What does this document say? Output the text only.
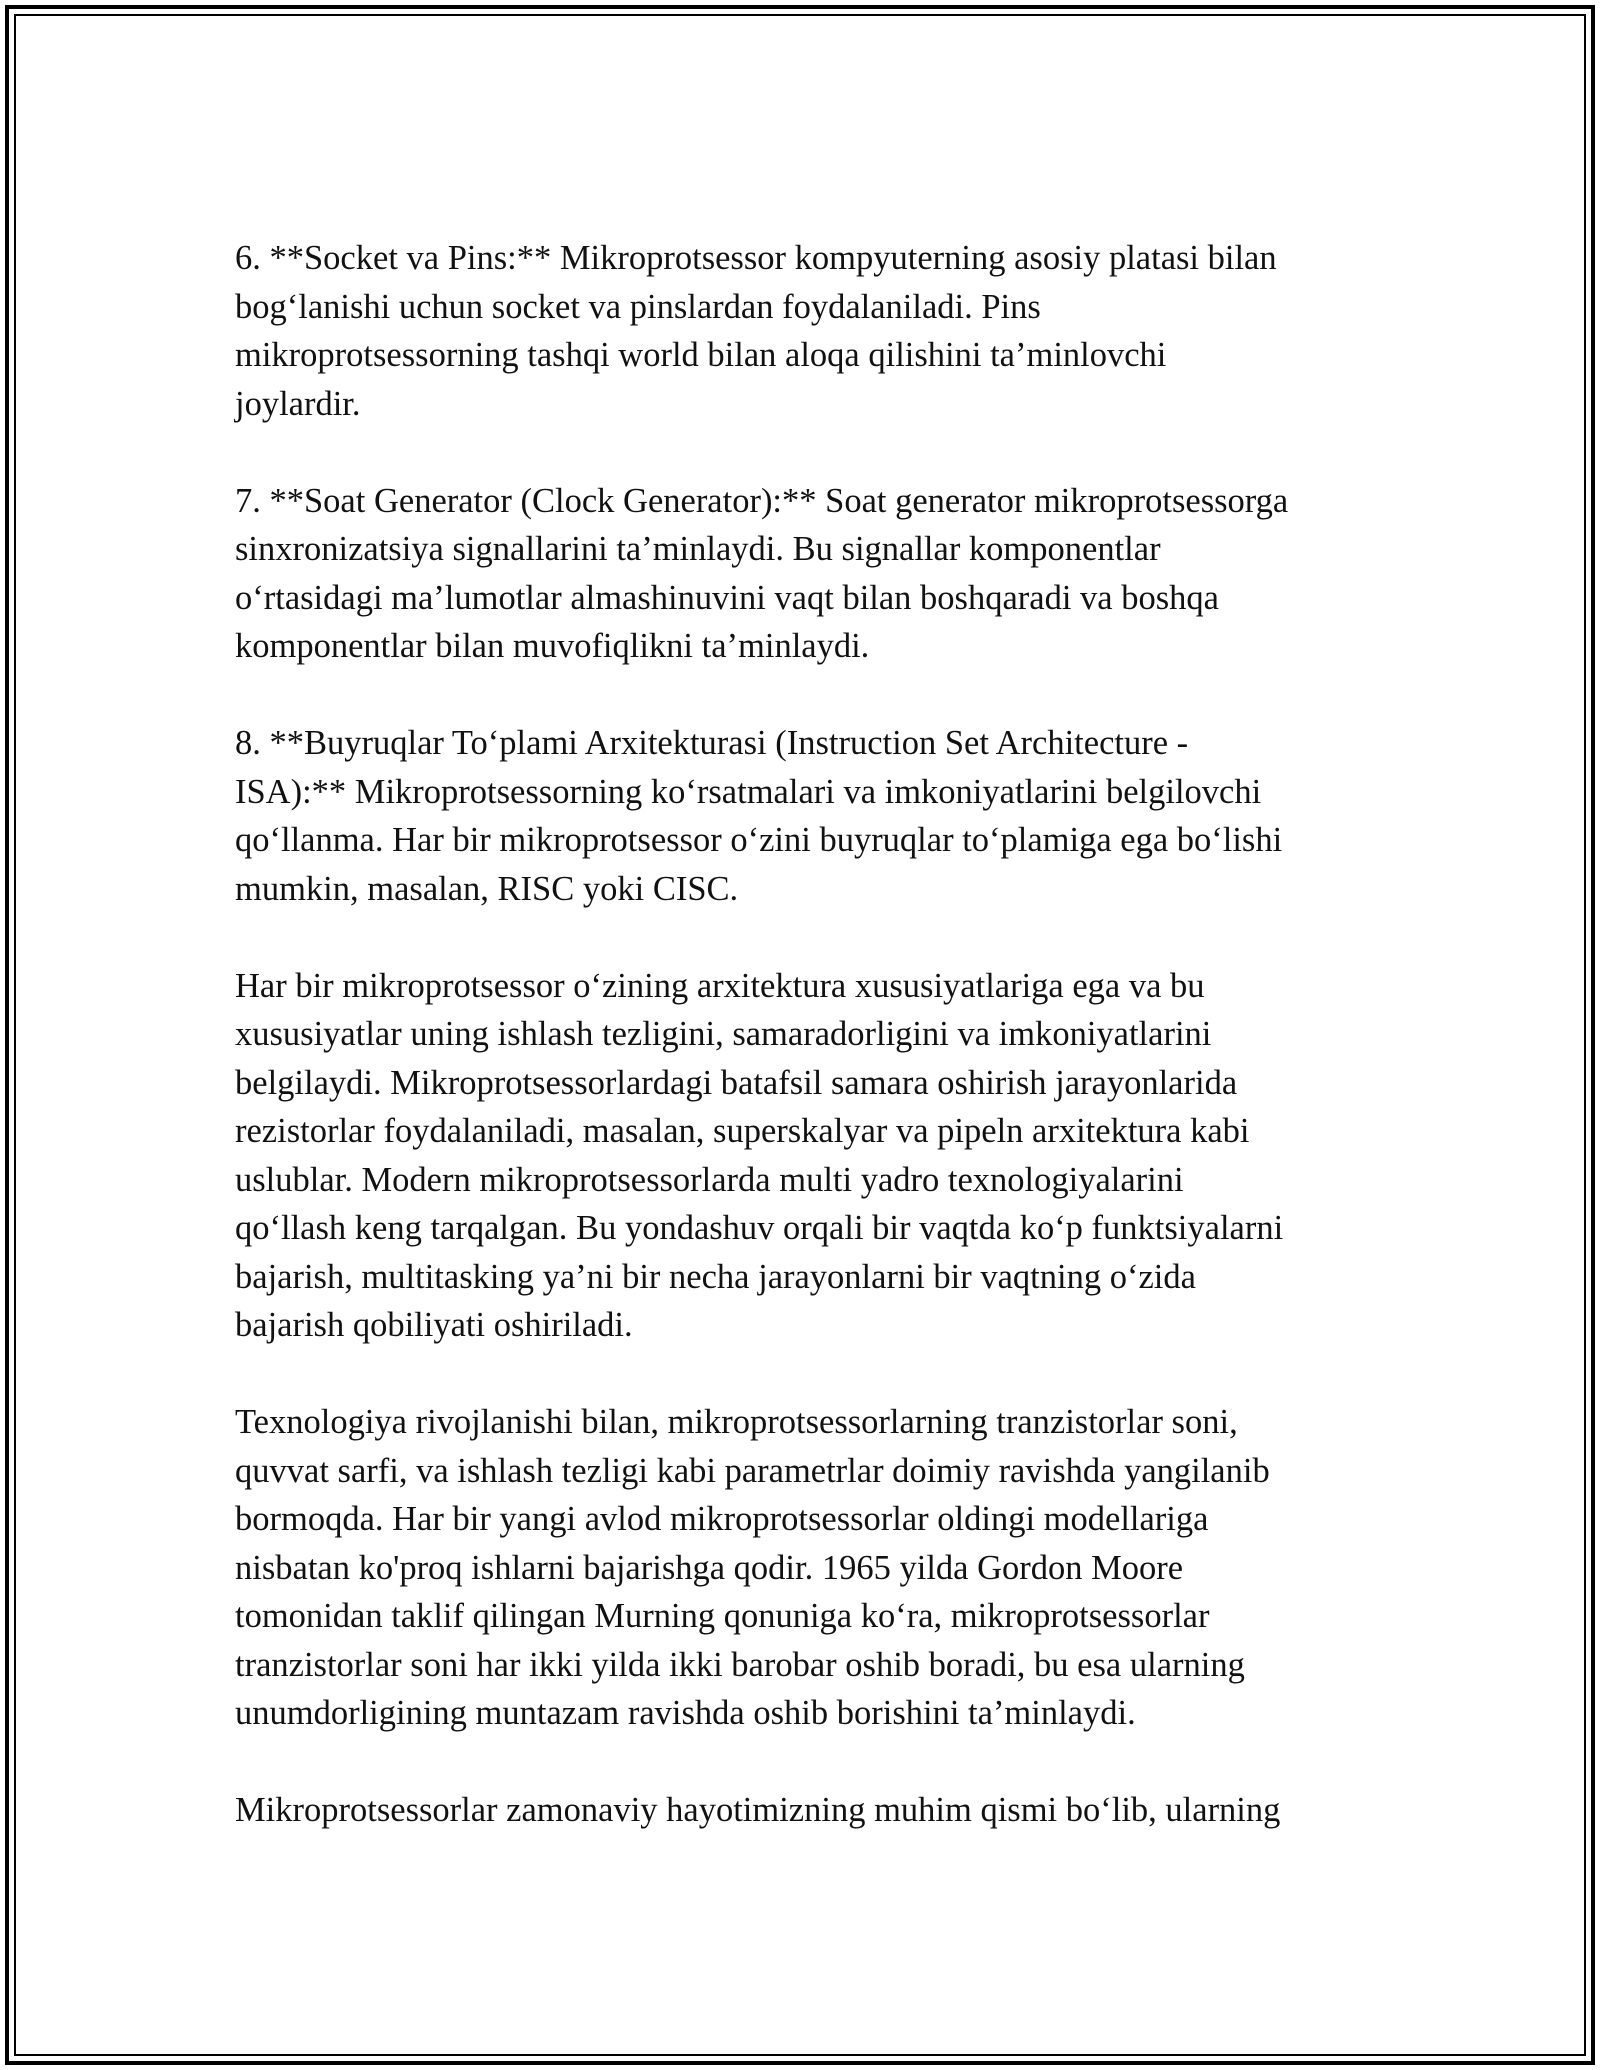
6. **Socket va Pins:** Mikroprotsessor kompyuterning asosiy platasi bilan
bog‘lanishi uchun socket va pinslardan foydalaniladi. Pins
mikroprotsessorning tashqi world bilan aloqa qilishini ta’minlovchi
joylardir.

7. **Soat Generator (Clock Generator):** Soat generator mikroprotsessorga
sinxronizatsiya signallarini ta’minlaydi. Bu signallar komponentlar
o‘rtasidagi ma’lumotlar almashinuvini vaqt bilan boshqaradi va boshqa
komponentlar bilan muvofiqlikni ta’minlaydi.

8. **Buyruqlar To‘plami Arxitekturasi (Instruction Set Architecture -
ISA):** Mikroprotsessorning ko‘rsatmalari va imkoniyatlarini belgilovchi
qo‘llanma. Har bir mikroprotsessor o‘zini buyruqlar to‘plamiga ega bo‘lishi
mumkin, masalan, RISC yoki CISC.

Har bir mikroprotsessor o‘zining arxitektura xususiyatlariga ega va bu
xususiyatlar uning ishlash tezligini, samaradorligini va imkoniyatlarini
belgilaydi. Mikroprotsessorlardagi batafsil samara oshirish jarayonlarida
rezistorlar foydalaniladi, masalan, superskalyar va pipeln arxitektura kabi
uslublar. Modern mikroprotsessorlarda multi yadro texnologiyalarini
qo‘llash keng tarqalgan. Bu yondashuv orqali bir vaqtda ko‘p funktsiyalarni
bajarish, multitasking ya’ni bir necha jarayonlarni bir vaqtning o‘zida
bajarish qobiliyati oshiriladi.

Texnologiya rivojlanishi bilan, mikroprotsessorlarning tranzistorlar soni,
quvvat sarfi, va ishlash tezligi kabi parametrlar doimiy ravishda yangilanib
bormoqda. Har bir yangi avlod mikroprotsessorlar oldingi modellariga
nisbatan ko'proq ishlarni bajarishga qodir. 1965 yilda Gordon Moore
tomonidan taklif qilingan Murning qonuniga ko‘ra, mikroprotsessorlar
tranzistorlar soni har ikki yilda ikki barobar oshib boradi, bu esa ularning
unumdorligining muntazam ravishda oshib borishini ta’minlaydi.

Mikroprotsessorlar zamonaviy hayotimizning muhim qismi bo‘lib, ularning
